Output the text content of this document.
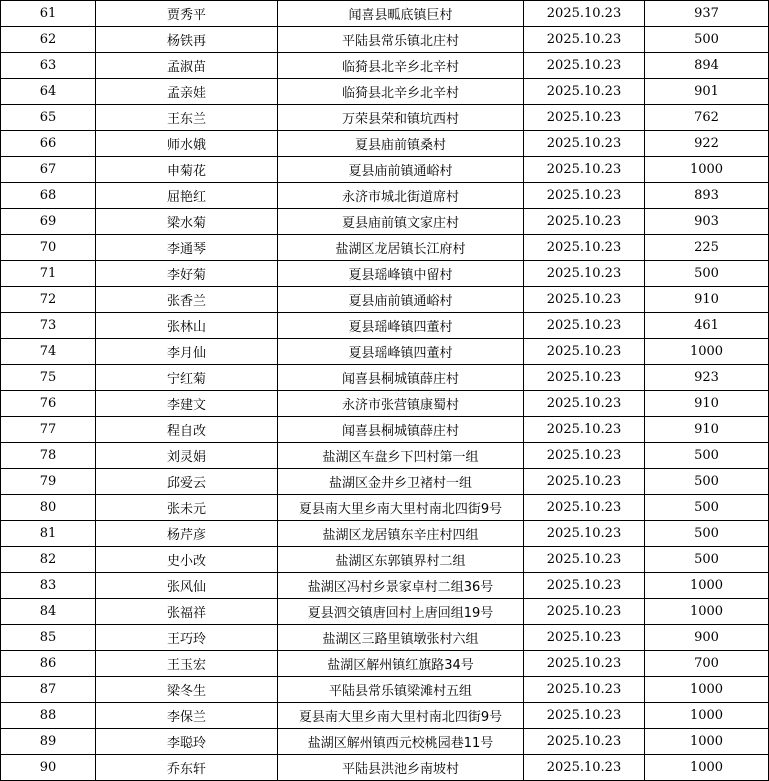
61	贾秀平	闻喜县畖底镇巨村	2025.10.23	937
62	杨铁再	平陆县常乐镇北庄村	2025.10.23	500
63	孟淑苗	临猗县北辛乡北辛村	2025.10.23	894
64	孟亲娃	临猗县北辛乡北辛村	2025.10.23	901
65	王东兰	万荣县荣和镇坑西村	2025.10.23	762
66	师水娥	夏县庙前镇桑村	2025.10.23	922
67	申菊花	夏县庙前镇通峪村	2025.10.23	1000
68	屈艳红	永济市城北街道席村	2025.10.23	893
69	梁水菊	夏县庙前镇文家庄村	2025.10.23	903
70	李通琴	盐湖区龙居镇长江府村	2025.10.23	225
71	李好菊	夏县瑶峰镇中留村	2025.10.23	500
72	张香兰	夏县庙前镇通峪村	2025.10.23	910
73	张林山	夏县瑶峰镇四董村	2025.10.23	461
74	李月仙	夏县瑶峰镇四董村	2025.10.23	1000
75	宁红菊	闻喜县桐城镇薛庄村	2025.10.23	923
76	李建文	永济市张营镇康蜀村	2025.10.23	910
77	程自改	闻喜县桐城镇薛庄村	2025.10.23	910
78	刘灵娟	盐湖区车盘乡下凹村第一组	2025.10.23	500
79	邱爱云	盐湖区金井乡卫褚村一组	2025.10.23	500
80	张未元	夏县南大里乡南大里村南北四街9号	2025.10.23	500
81	杨芹彦	盐湖区龙居镇东辛庄村四组	2025.10.23	500
82	史小改	盐湖区东郭镇界村二组	2025.10.23	500
83	张风仙	盐湖区冯村乡景家卓村二组36号	2025.10.23	1000
84	张福祥	夏县泗交镇唐回村上唐回组19号	2025.10.23	1000
85	王巧玲	盐湖区三路里镇墩张村六组	2025.10.23	900
86	王玉宏	盐湖区解州镇红旗路34号	2025.10.23	700
87	梁冬生	平陆县常乐镇梁滩村五组	2025.10.23	1000
88	李保兰	夏县南大里乡南大里村南北四街9号	2025.10.23	1000
89	李聪玲	盐湖区解州镇西元校桃园巷11号	2025.10.23	1000
90	乔东轩	平陆县洪池乡南坡村	2025.10.23	1000
